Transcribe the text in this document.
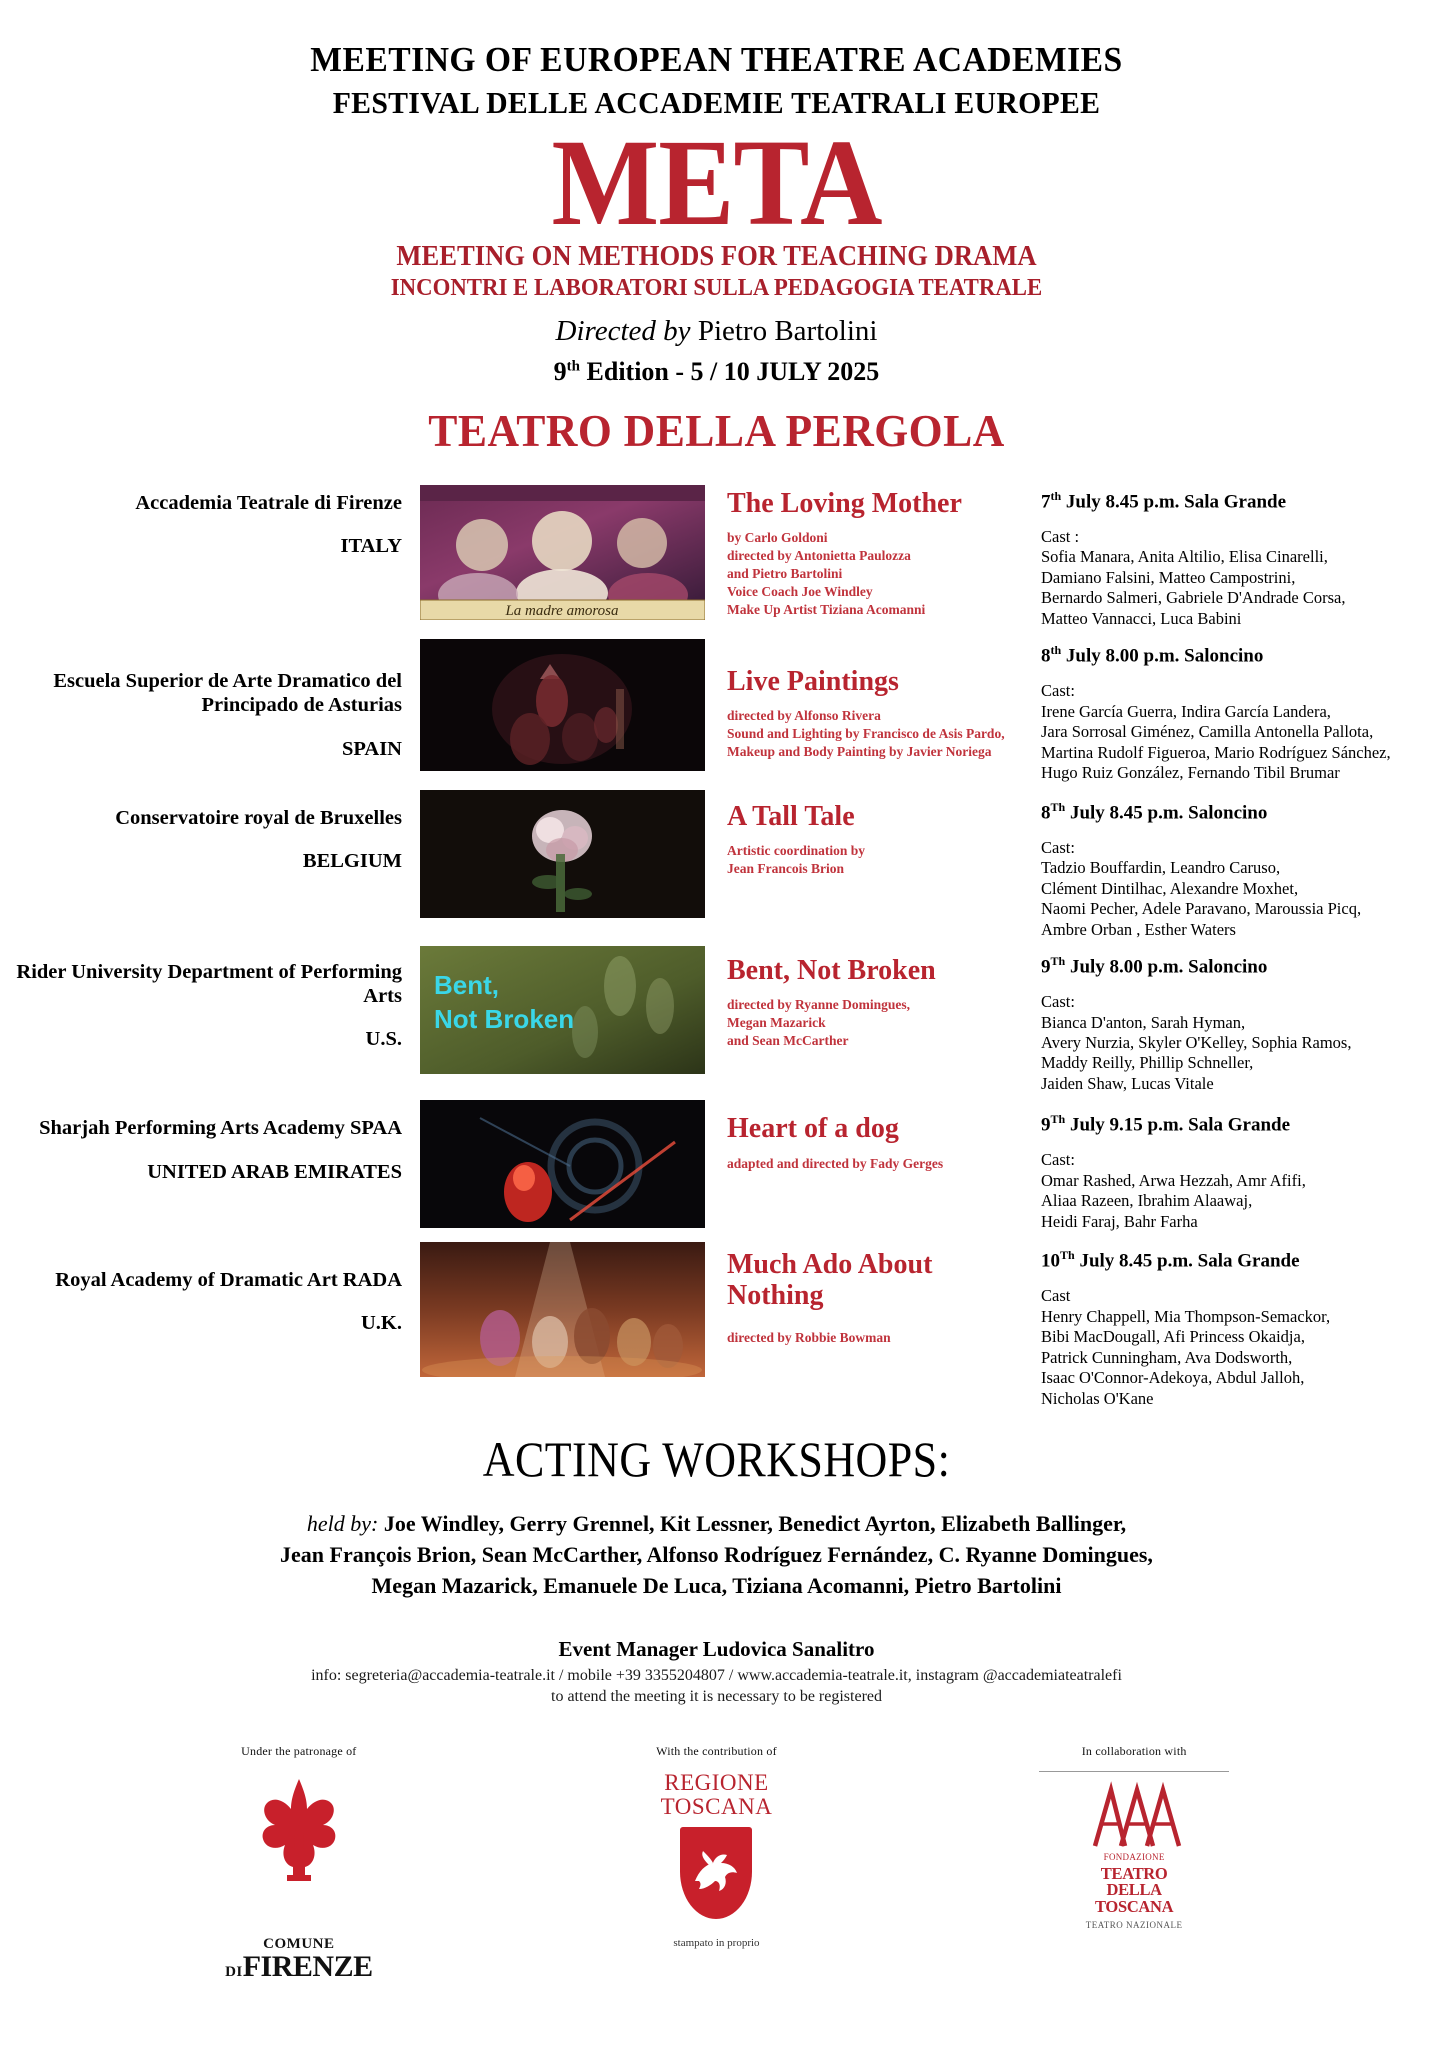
MEETING OF EUROPEAN THEATRE ACADEMIES
FESTIVAL DELLE ACCADEMIE TEATRALI EUROPEE
META
MEETING ON METHODS FOR TEACHING DRAMA
INCONTRI E LABORATORI SULLA PEDAGOGIA TEATRALE
Directed by Pietro Bartolini
9th Edition - 5 / 10 JULY 2025
TEATRO DELLA PERGOLA
Accademia Teatrale di Firenze
ITALY
La madre amorosa
The Loving Mother
by Carlo Goldoni
directed by Antonietta Paulozza
and Pietro Bartolini
Voice Coach Joe Windley
Make Up Artist Tiziana Acomanni
7th July 8.45 p.m. Sala Grande
Cast :
Sofia Manara, Anita Altilio, Elisa Cinarelli,
Damiano Falsini, Matteo Campostrini,
Bernardo Salmeri, Gabriele D'Andrade Corsa,
Matteo Vannacci, Luca Babini
Escuela Superior de Arte Dramatico del Principado de Asturias
SPAIN
Live Paintings
directed by Alfonso Rivera
Sound and Lighting by Francisco de Asis Pardo,
Makeup and Body Painting by Javier Noriega
8th July 8.00 p.m. Saloncino
Cast:
Irene García Guerra, Indira García Landera,
Jara Sorrosal Giménez, Camilla Antonella Pallota,
Martina Rudolf Figueroa, Mario Rodríguez Sánchez,
Hugo Ruiz González, Fernando Tibil Brumar
Conservatoire royal de Bruxelles
BELGIUM
A Tall Tale
Artistic coordination by
Jean Francois Brion
8Th July 8.45 p.m. Saloncino
Cast:
Tadzio Bouffardin, Leandro Caruso,
Clément Dintilhac, Alexandre Moxhet,
Naomi Pecher, Adele Paravano, Maroussia Picq,
Ambre Orban , Esther Waters
Rider University Department of Performing Arts
U.S.
Bent,
Not Broken
Bent, Not Broken
directed by Ryanne Domingues,
Megan Mazarick
and Sean McCarther
9Th July 8.00 p.m. Saloncino
Cast:
Bianca D'anton, Sarah Hyman,
Avery Nurzia, Skyler O'Kelley, Sophia Ramos,
Maddy Reilly, Phillip Schneller,
Jaiden Shaw, Lucas Vitale
Sharjah Performing Arts Academy SPAA
UNITED ARAB EMIRATES
Heart of a dog
adapted and directed by Fady Gerges
9Th July 9.15 p.m. Sala Grande
Cast:
Omar Rashed, Arwa Hezzah, Amr Afifi,
Aliaa Razeen, Ibrahim Alaawaj,
Heidi Faraj, Bahr Farha
Royal Academy of Dramatic Art RADA
U.K.
Much Ado About Nothing
directed by Robbie Bowman
10Th July 8.45 p.m. Sala Grande
Cast
Henry Chappell, Mia Thompson-Semackor,
Bibi MacDougall, Afi Princess Okaidja,
Patrick Cunningham, Ava Dodsworth,
Isaac O'Connor-Adekoya, Abdul Jalloh,
Nicholas O'Kane
ACTING WORKSHOPS:
held by: Joe Windley, Gerry Grennel, Kit Lessner, Benedict Ayrton, Elizabeth Ballinger,
Jean François Brion, Sean McCarther, Alfonso Rodríguez Fernández, C. Ryanne Domingues,
Megan Mazarick, Emanuele De Luca, Tiziana Acomanni, Pietro Bartolini
Event Manager Ludovica Sanalitro
info: segreteria@accademia-teatrale.it / mobile +39 3355204807 / www.accademia-teatrale.it, instagram @accademiateatralefi
to attend the meeting it is necessary to be registered
Under the patronage of
COMUNE
DIFIRENZE
With the contribution of
REGIONE
TOSCANA
stampato in proprio
In collaboration with
FONDAZIONE
TEATRO
DELLA
TOSCANA
TEATRO NAZIONALE
